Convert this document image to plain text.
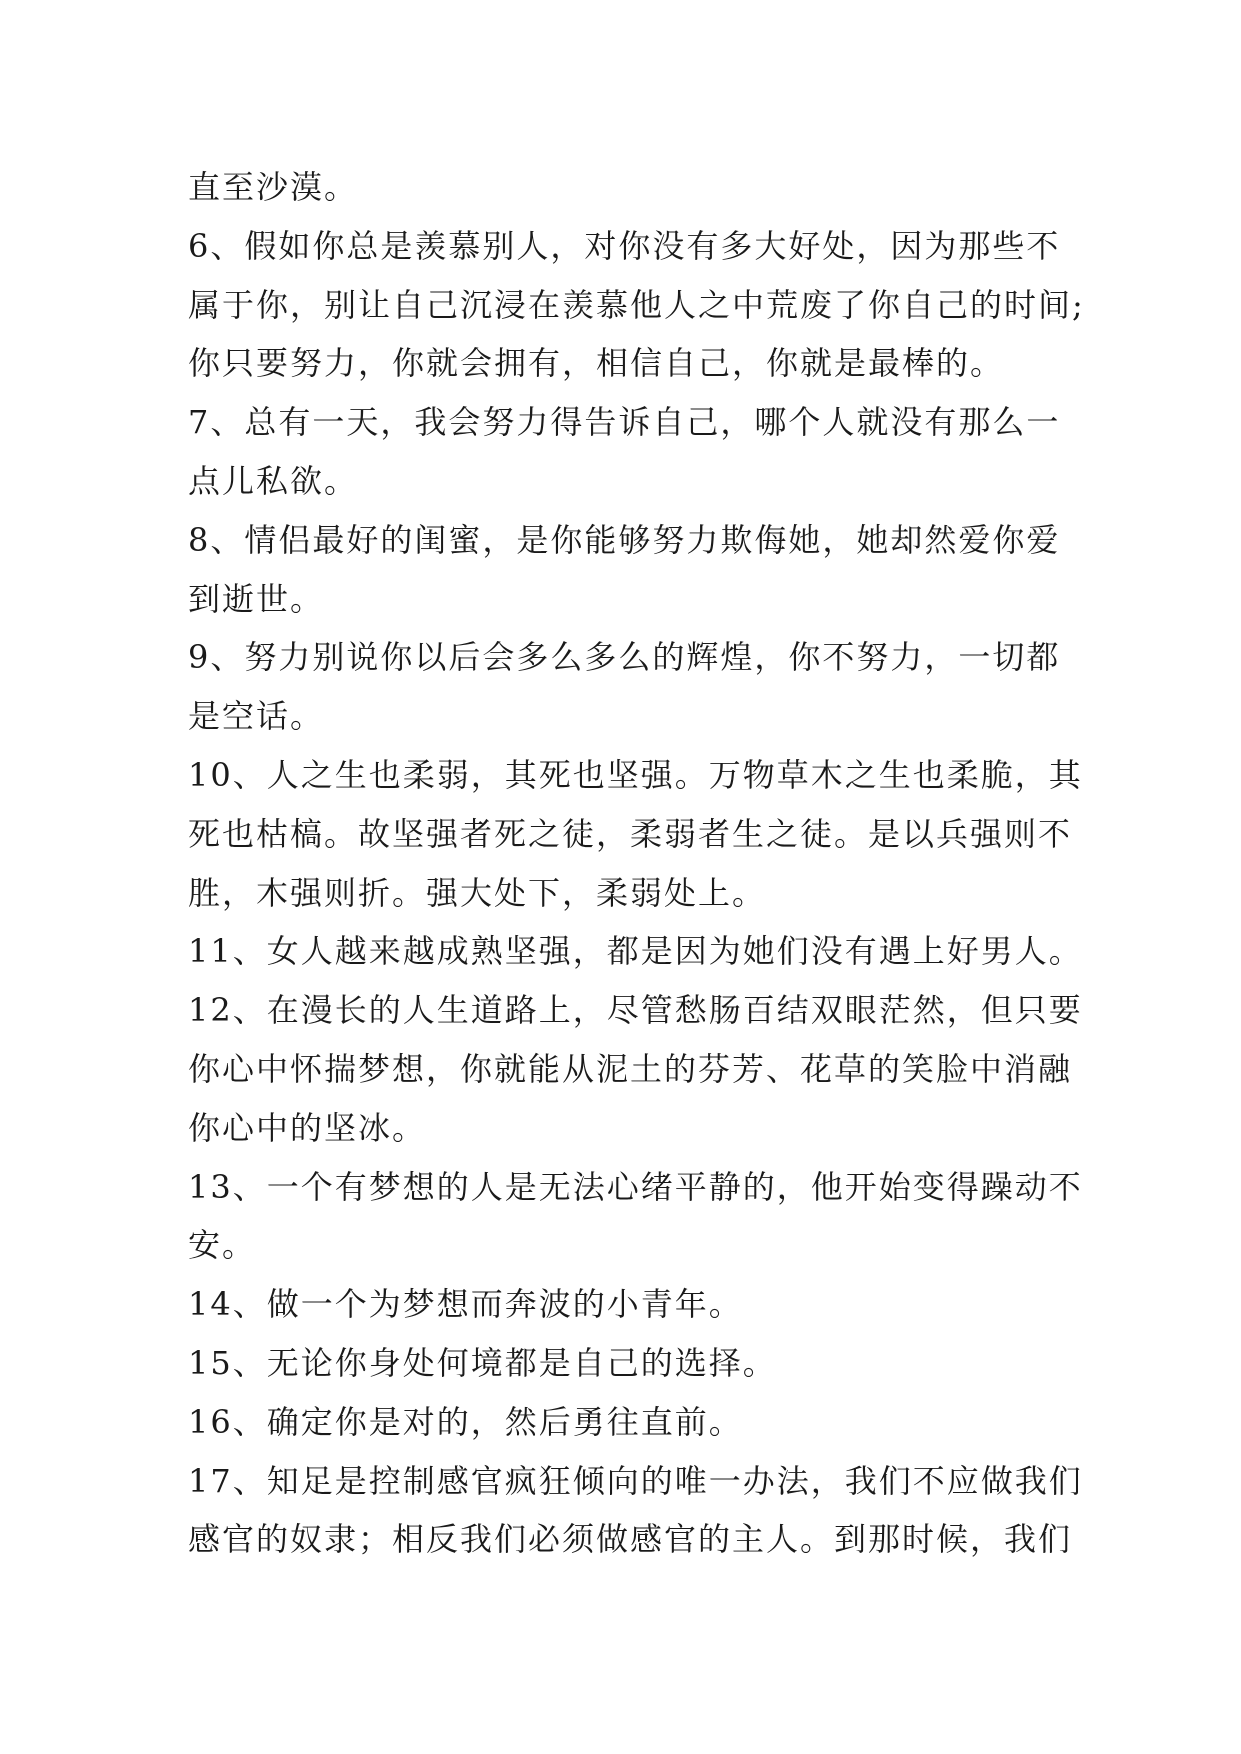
直至沙漠。
6、假如你总是羡慕别人，对你没有多大好处，因为那些不
属于你，别让自己沉浸在羡慕他人之中荒废了你自己的时间;
你只要努力，你就会拥有，相信自己，你就是最棒的。
7、总有一天，我会努力得告诉自己，哪个人就没有那么一
点儿私欲。
8、情侣最好的闺蜜，是你能够努力欺侮她，她却然爱你爱
到逝世。
9、努力别说你以后会多么多么的辉煌，你不努力，一切都
是空话。
10、人之生也柔弱，其死也坚强。万物草木之生也柔脆，其
死也枯槁。故坚强者死之徒，柔弱者生之徒。是以兵强则不
胜，木强则折。强大处下，柔弱处上。
11、女人越来越成熟坚强，都是因为她们没有遇上好男人。
12、在漫长的人生道路上，尽管愁肠百结双眼茫然，但只要
你心中怀揣梦想，你就能从泥土的芬芳、花草的笑脸中消融
你心中的坚冰。
13、一个有梦想的人是无法心绪平静的，他开始变得躁动不
安。
14、做一个为梦想而奔波的小青年。
15、无论你身处何境都是自己的选择。
16、确定你是对的，然后勇往直前。
17、知足是控制感官疯狂倾向的唯一办法，我们不应做我们
感官的奴隶；相反我们必须做感官的主人。到那时候，我们
